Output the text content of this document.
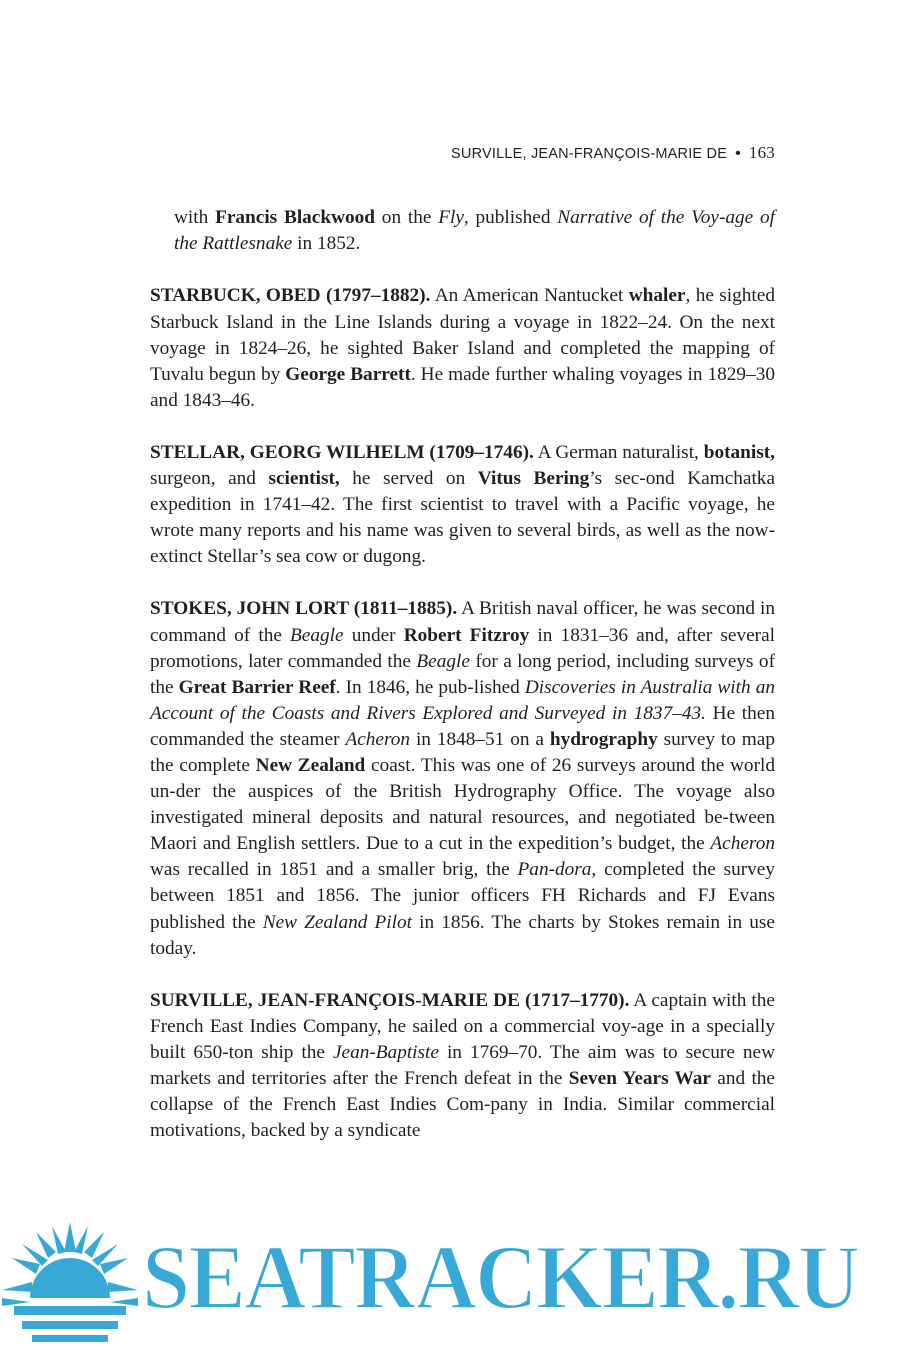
SURVILLE, JEAN-FRANÇOIS-MARIE DE • 163

with Francis Blackwood on the Fly, published Narrative of the Voy-age of the Rattlesnake in 1852.

STARBUCK, OBED (1797–1882). An American Nantucket whaler, he sighted Starbuck Island in the Line Islands during a voyage in 1822–24. On the next voyage in 1824–26, he sighted Baker Island and completed the mapping of Tuvalu begun by George Barrett. He made further whaling voyages in 1829–30 and 1843–46.
STELLAR, GEORG WILHELM (1709–1746). A German naturalist, botanist, surgeon, and scientist, he served on Vitus Bering’s sec-ond Kamchatka expedition in 1741–42. The first scientist to travel with a Pacific voyage, he wrote many reports and his name was given to several birds, as well as the now-extinct Stellar’s sea cow or dugong.
STOKES, JOHN LORT (1811–1885). A British naval officer, he was second in command of the Beagle under Robert Fitzroy in 1831–36 and, after several promotions, later commanded the Beagle for a long period, including surveys of the Great Barrier Reef. In 1846, he pub-lished Discoveries in Australia with an Account of the Coasts and Rivers Explored and Surveyed in 1837–43. He then commanded the steamer Acheron in 1848–51 on a hydrography survey to map the complete New Zealand coast. This was one of 26 surveys around the world un-der the auspices of the British Hydrography Office. The voyage also investigated mineral deposits and natural resources, and negotiated be-tween Maori and English settlers. Due to a cut in the expedition’s budget, the Acheron was recalled in 1851 and a smaller brig, the Pan-dora, completed the survey between 1851 and 1856. The junior officers FH Richards and FJ Evans published the New Zealand Pilot in 1856. The charts by Stokes remain in use today.
SURVILLE, JEAN-FRANÇOIS-MARIE DE (1717–1770). A captain with the French East Indies Company, he sailed on a commercial voy-age in a specially built 650-ton ship the Jean-Baptiste in 1769–70. The aim was to secure new markets and territories after the French defeat in the Seven Years War and the collapse of the French East Indies Com-pany in India. Similar commercial motivations, backed by a syndicate
SEATRACKER.RU
